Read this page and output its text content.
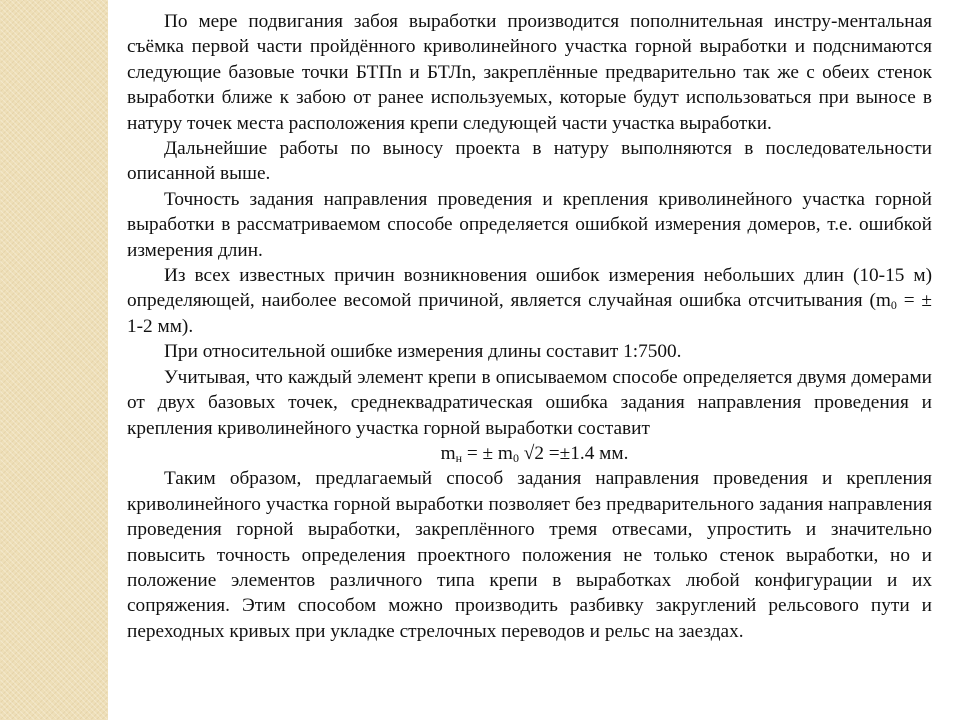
По мере подвигания забоя выработки производится пополнительная инстру-ментальная съёмка первой части пройдённого криволинейного участка горной выработки и подснимаются следующие базовые точки БТПn и БТЛn, закреплённые предварительно так же с обеих стенок выработки ближе к забою от ранее используемых, которые будут использоваться при выносе в натуру точек места расположения крепи следующей части участка выработки.

Дальнейшие работы по выносу проекта в натуру выполняются в последовательности описанной выше.

Точность задания направления проведения и крепления криволинейного участка горной выработки в рассматриваемом способе определяется ошибкой измерения домеров, т.е. ошибкой измерения длин.

Из всех известных причин возникновения ошибок измерения небольших длин (10-15 м) определяющей, наиболее весомой причиной, является случайная ошибка отсчитывания ($m_0$ = ± 1-2 мм).

При относительной ошибке измерения длины составит 1:7500.

Учитывая, что каждый элемент крепи в описываемом способе определяется двумя домерами от двух базовых точек, среднеквадратическая ошибка задания направления проведения и крепления криволинейного участка горной выработки составит

$m_н$ = ± $m_0$ √2 =±1.4 мм.

Таким образом, предлагаемый способ задания направления проведения и крепления криволинейного участка горной выработки позволяет без предварительного задания направления проведения горной выработки, закреплённого тремя отвесами, упростить и значительно повысить точность определения проектного положения не только стенок выработки, но и положение элементов различного типа крепи в выработках любой конфигурации и их сопряжения. Этим способом можно производить разбивку закруглений рельсового пути и переходных кривых при укладке стрелочных переводов и рельс на заездах.
